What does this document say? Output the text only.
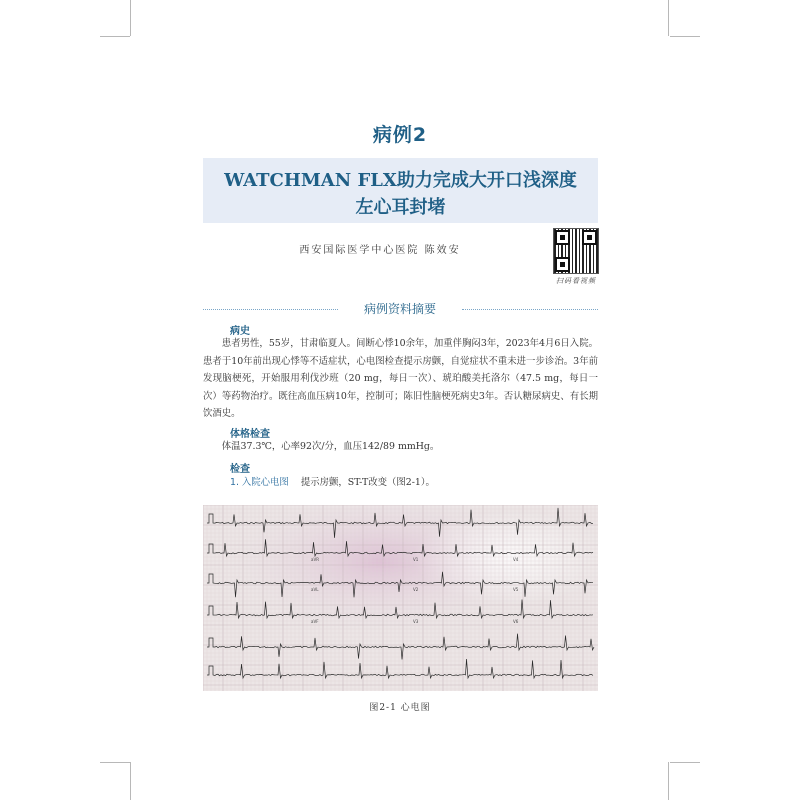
病例2
WATCHMAN FLX助力完成大开口浅深度
左心耳封堵
西安国际医学中心医院 陈效安
扫码看视频
病例资料摘要
病史
患者男性，55岁，甘肃临夏人。间断心悸10余年，加重伴胸闷3年，2023年4月6日入院。患者于10年前出现心悸等不适症状，心电图检查提示房颤，自觉症状不重未进一步诊治。3年前发现脑梗死，开始服用利伐沙班（20 mg，每日一次）、琥珀酸美托洛尔（47.5 mg，每日一次）等药物治疗。既往高血压病10年，控制可；陈旧性脑梗死病史3年。否认糖尿病史、有长期饮酒史。
体格检查
体温37.3℃，心率92次/分，血压142/89 mmHg。
检查
1. 入院心电图 提示房颤，ST-T改变（图2-1）。
aVR	V1	V4
aVL	V2	V5
aVF	V3	V6
图2-1 心电图
